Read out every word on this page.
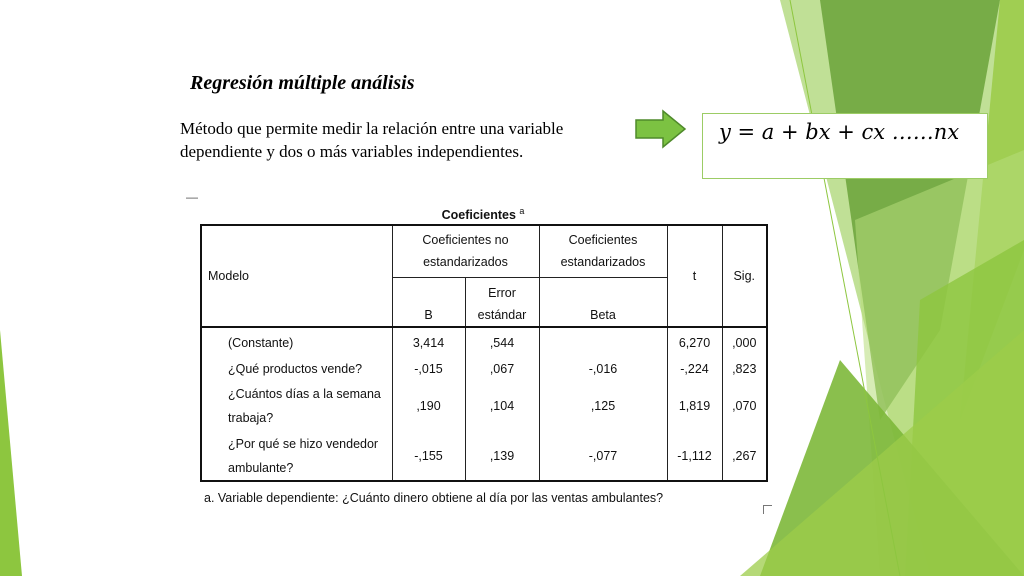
Regresión múltiple análisis
Método que permite medir la relación entre una variable dependiente y dos o más variables independientes.
y = a + bx + cx ……nx
—
Coeficientes $^a$
Modelo	Coeficientes no estandarizados		Coeficientes estandarizados	t	Sig.
	B	Error estándar	Beta		
(Constante)	3,414	,544		6,270	,000
¿Qué productos vende?	-,015	,067	-,016	-,224	,823
¿Cuántos días a la semana trabaja?	,190	,104	,125	1,819	,070
¿Por qué se hizo vendedor ambulante?	-,155	,139	-,077	-1,112	,267
a. Variable dependiente: ¿Cuánto dinero obtiene al día por las ventas ambulantes?
